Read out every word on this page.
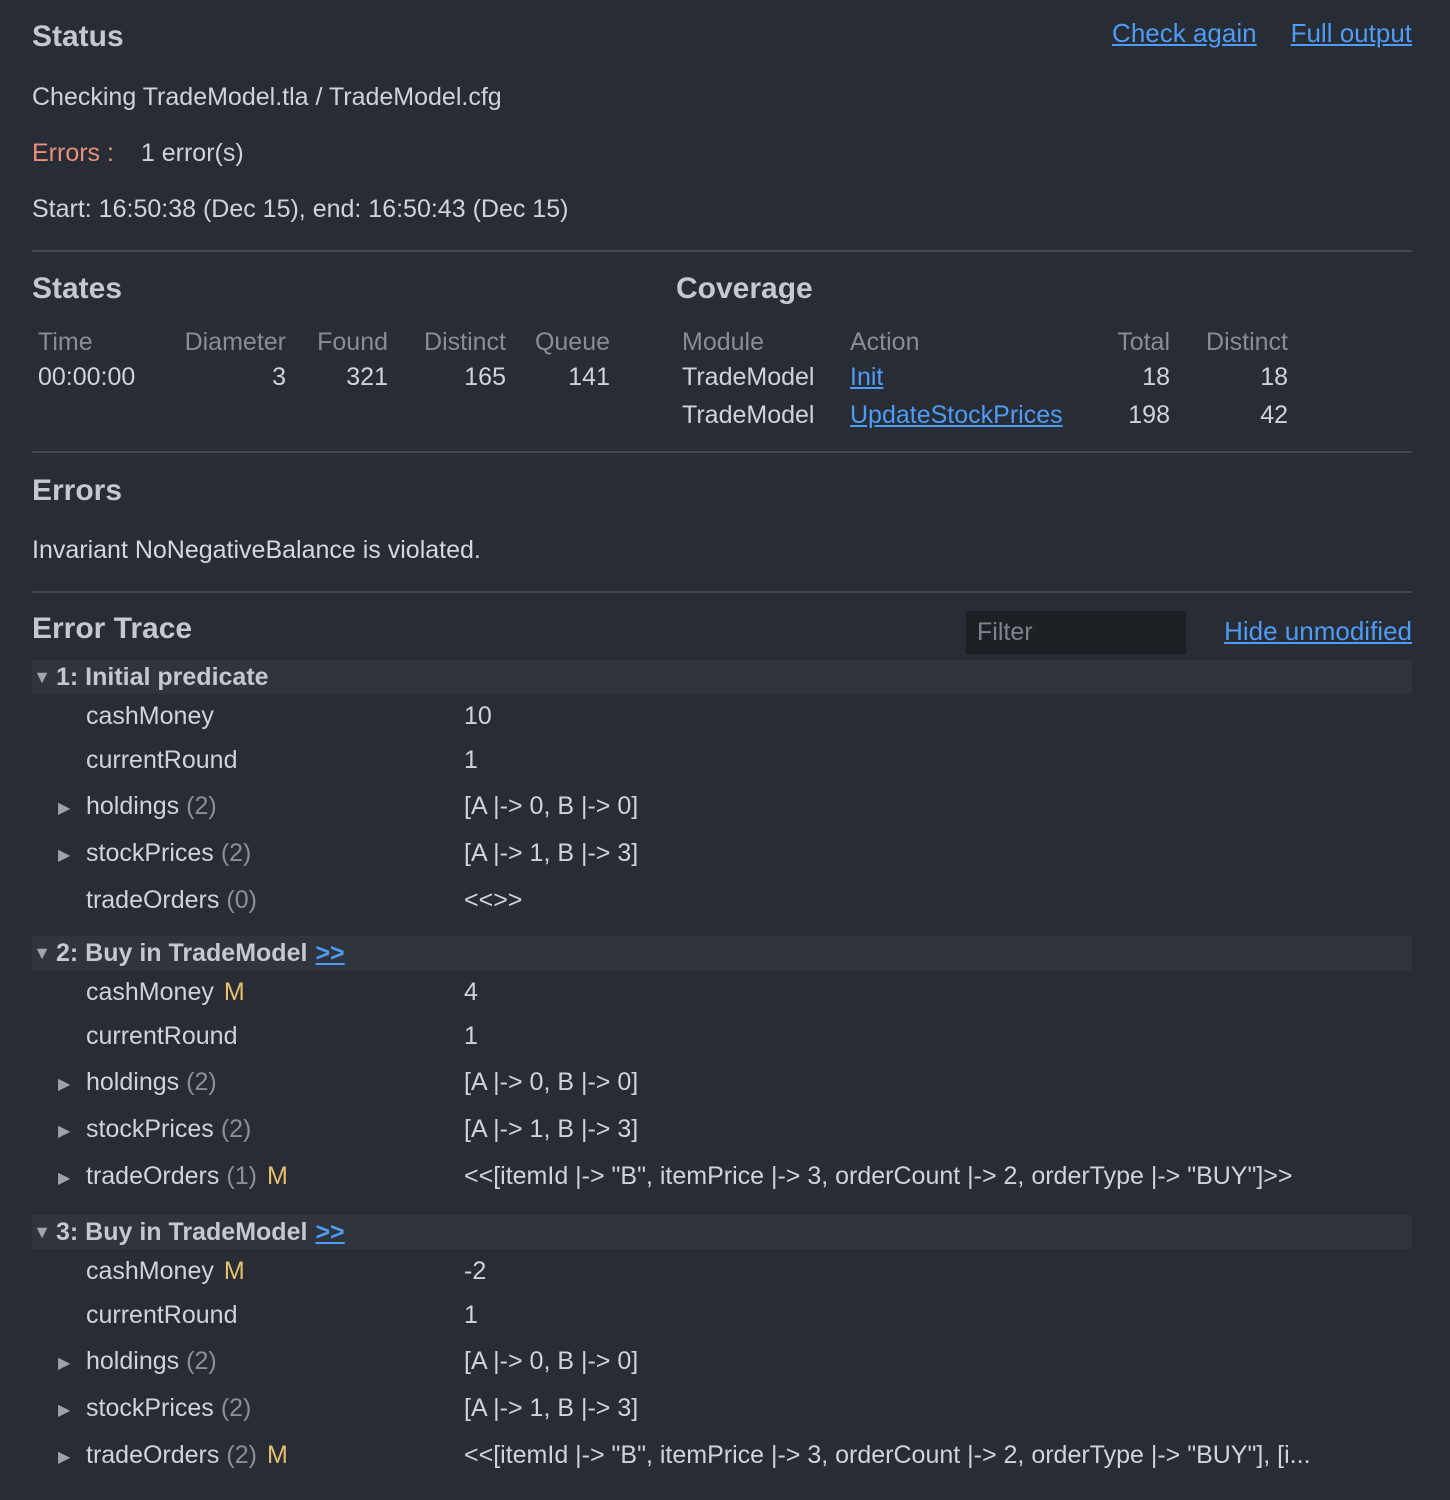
Status	Check again Full output
Checking TradeModel.tla / TradeModel.cfg
Errors : 1 error(s)
Start: 16:50:38 (Dec 15), end: 16:50:43 (Dec 15)
States
Time	Diameter	Found	Distinct	Queue
00:00:00	3	321	165	141
Coverage
Module	Action	Total	Distinct
TradeModel	Init	18	18
TradeModel	UpdateStockPrices	198	42
Errors
Invariant NoNegativeBalance is violated.
Error Trace
Filter	Hide unmodified
▼ 1: Initial predicate
cashMoney	10
currentRound	1
▶ holdings (2)	[A |-> 0, B |-> 0]
▶ stockPrices (2)	[A |-> 1, B |-> 3]
tradeOrders (0)	<<>>
▼ 2: Buy in TradeModel >>
cashMoney M	4
currentRound	1
▶ holdings (2)	[A |-> 0, B |-> 0]
▶ stockPrices (2)	[A |-> 1, B |-> 3]
▶ tradeOrders (1) M	<<[itemId |-> "B", itemPrice |-> 3, orderCount |-> 2, orderType |-> "BUY"]>>
▼ 3: Buy in TradeModel >>
cashMoney M	-2
currentRound	1
▶ holdings (2)	[A |-> 0, B |-> 0]
▶ stockPrices (2)	[A |-> 1, B |-> 3]
▶ tradeOrders (2) M	<<[itemId |-> "B", itemPrice |-> 3, orderCount |-> 2, orderType |-> "BUY"], [i...
